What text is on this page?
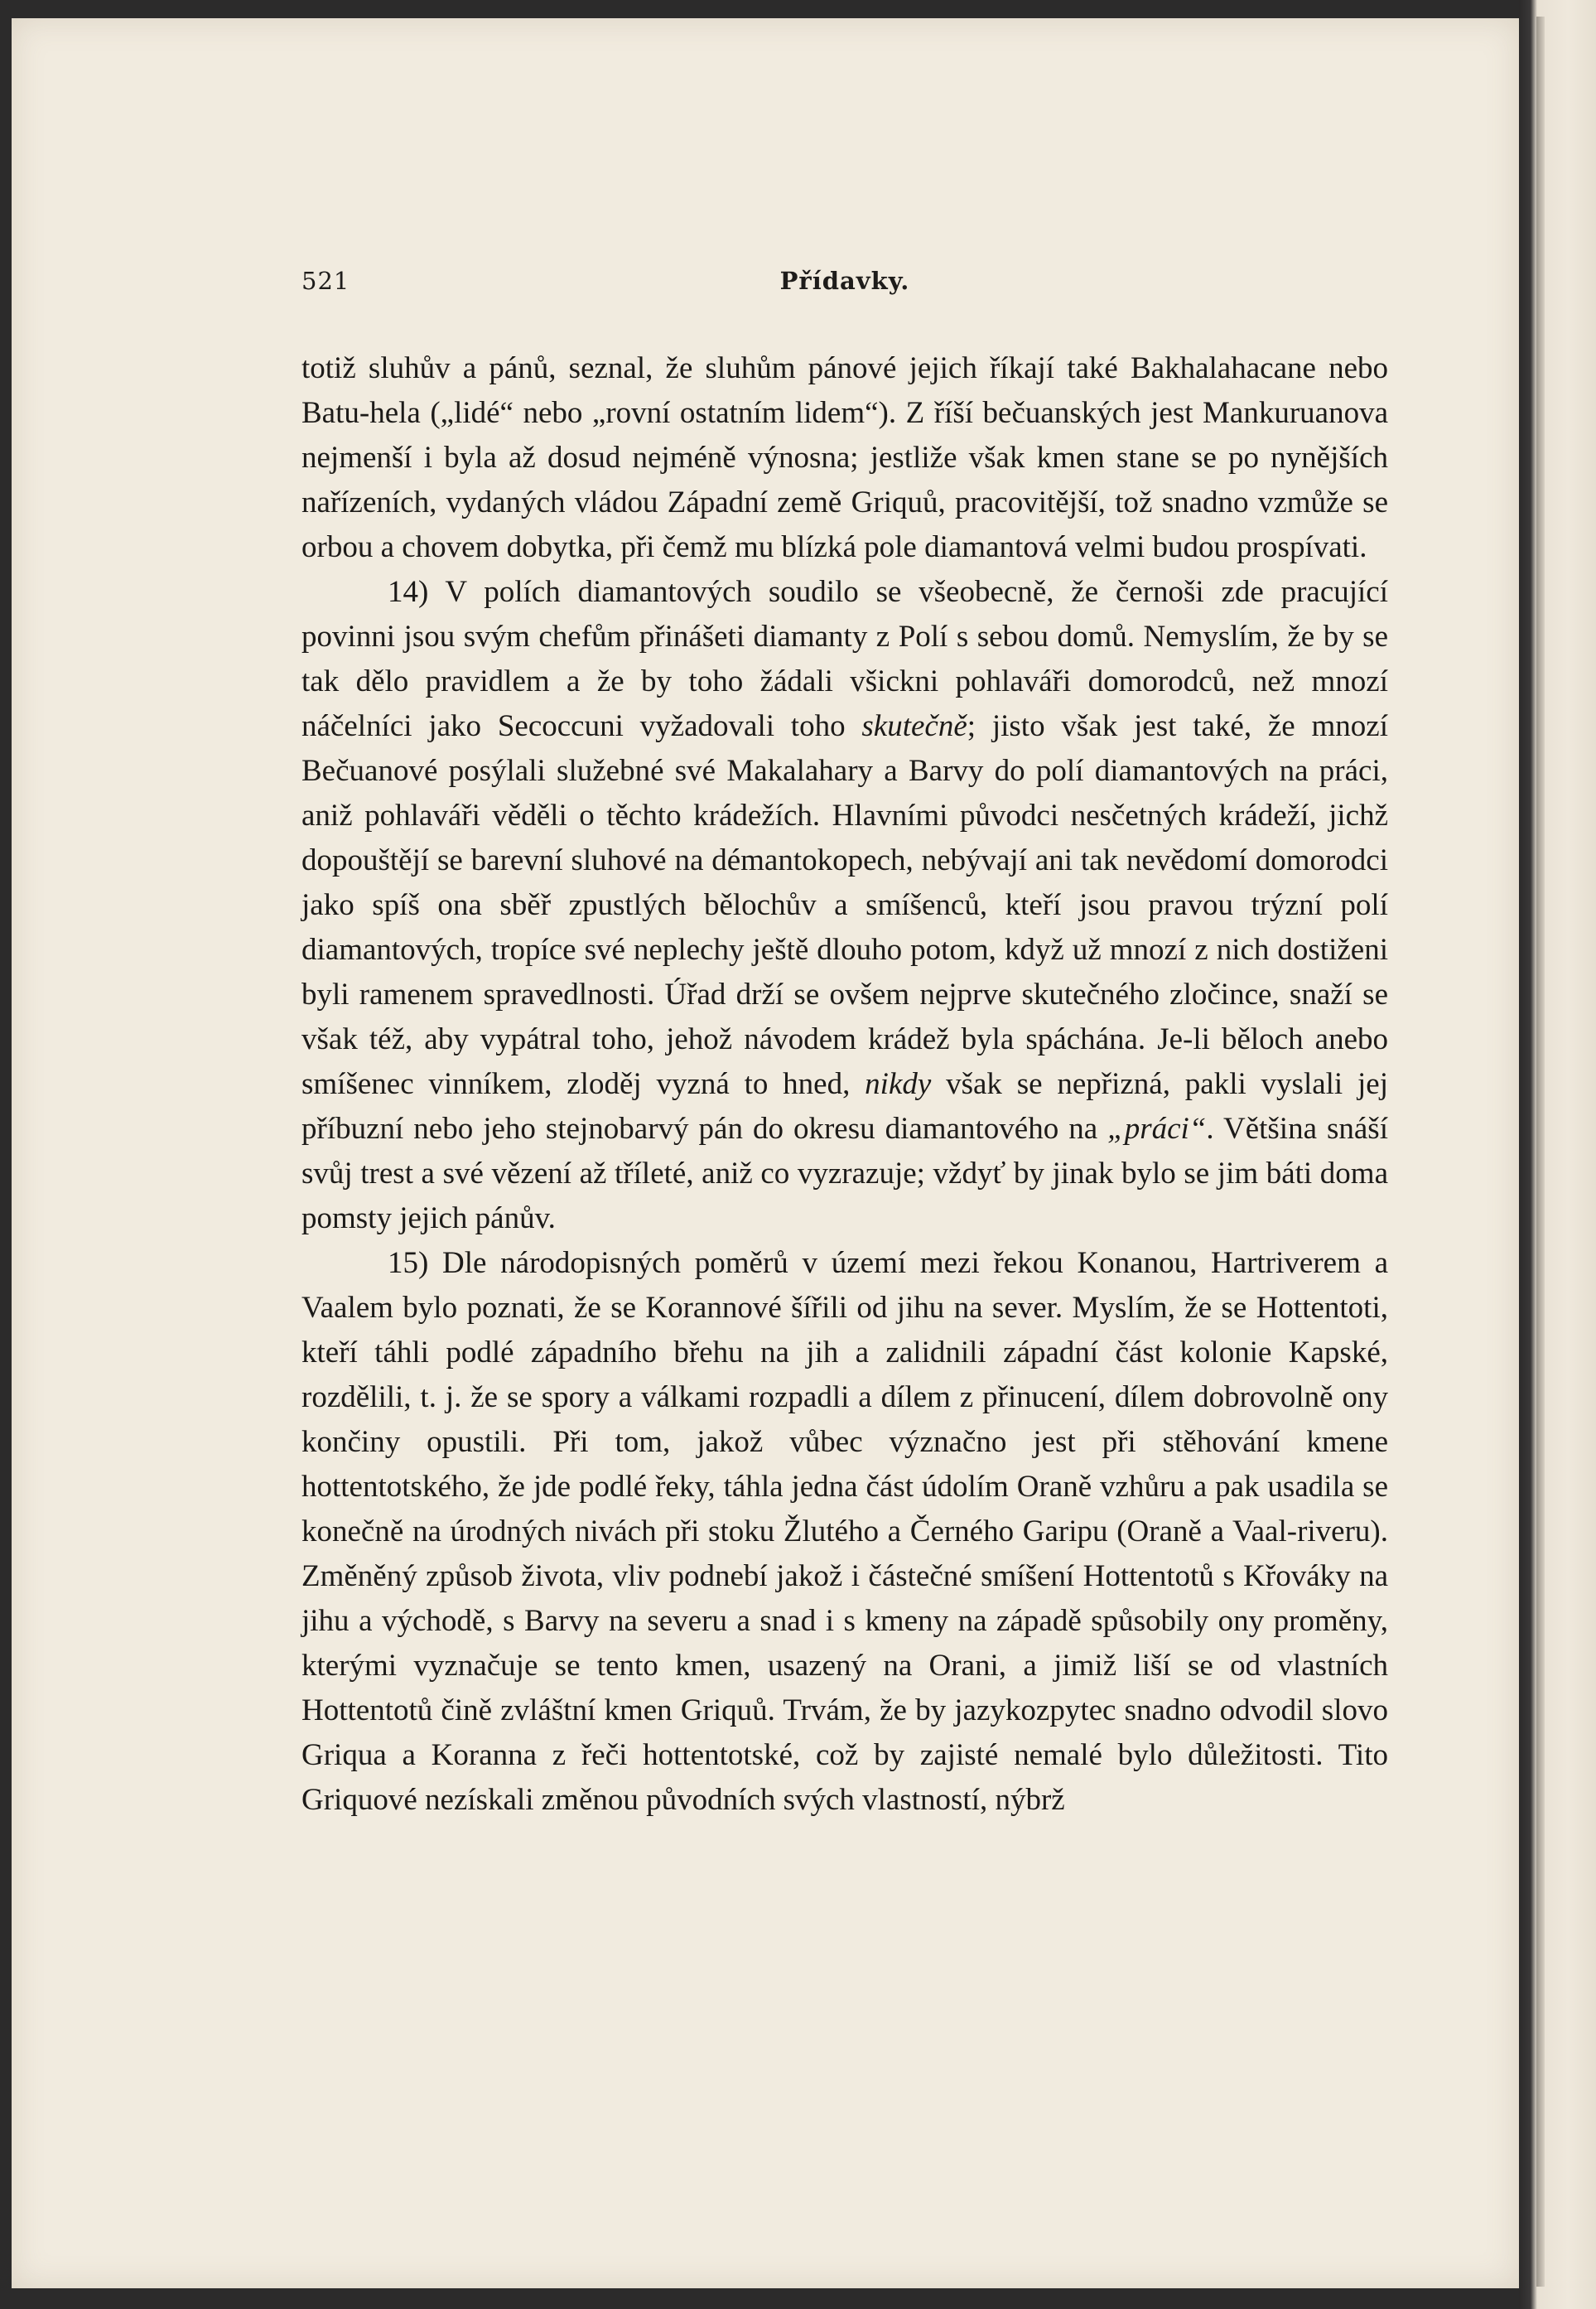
521	Přídavky.

totiž sluhův a pánů, seznal, že sluhům pánové jejich říkají také Bakhalahacane nebo Batu-hela („lidé“ nebo „rovní ostatním lidem“). Z říší bečuanských jest Mankuruanova nejmenší i byla až dosud nejméně výnosna; jestliže však kmen stane se po nynějších nařízeních, vydaných vládou Západní země Griquů, pracovitější, tož snadno vzmůže se orbou a chovem dobytka, při čemž mu blízká pole diamantová velmi budou prospívati.

14) V polích diamantových soudilo se všeobecně, že černoši zde pracující povinni jsou svým chefům přinášeti diamanty z Polí s sebou domů. Nemyslím, že by se tak dělo pravidlem a že by toho žádali všickni pohlaváři domorodců, než mnozí náčelníci jako Secoccuni vyžadovali toho skutečně; jisto však jest také, že mnozí Bečuanové posýlali služebné své Makalahary a Barvy do polí diamantových na práci, aniž pohlaváři věděli o těchto krádežích. Hlavními původci nesčetných krádeží, jichž dopouštějí se barevní sluhové na démantokopech, nebývají ani tak nevědomí domorodci jako spíš ona sběř zpustlých bělochův a smíšenců, kteří jsou pravou trýzní polí diamantových, tropíce své neplechy ještě dlouho potom, když už mnozí z nich dostiženi byli ramenem spravedlnosti. Úřad drží se ovšem nejprve skutečného zločince, snaží se však též, aby vypátral toho, jehož návodem krádež byla spáchána. Je-li běloch anebo smíšenec vinníkem, zloděj vyzná to hned, nikdy však se nepřizná, pakli vyslali jej příbuzní nebo jeho stejnobarvý pán do okresu diamantového na „práci“. Většina snáší svůj trest a své vězení až tříleté, aniž co vyzrazuje; vždyť by jinak bylo se jim báti doma pomsty jejich pánův.

15) Dle národopisných poměrů v území mezi řekou Konanou, Hartriverem a Vaalem bylo poznati, že se Korannové šířili od jihu na sever. Myslím, že se Hottentoti, kteří táhli podlé západního břehu na jih a zalidnili západní část kolonie Kapské, rozdělili, t. j. že se spory a válkami rozpadli a dílem z přinucení, dílem dobrovolně ony končiny opustili. Při tom, jakož vůbec význačno jest při stěhování kmene hottentotského, že jde podlé řeky, táhla jedna část údolím Oraně vzhůru a pak usadila se konečně na úrodných nivách při stoku Žlutého a Černého Garipu (Oraně a Vaal-riveru). Změněný způsob života, vliv podnebí jakož i částečné smíšení Hottentotů s Křováky na jihu a východě, s Barvy na severu a snad i s kmeny na západě spůsobily ony proměny, kterými vyznačuje se tento kmen, usazený na Orani, a jimiž liší se od vlastních Hottentotů čině zvláštní kmen Griquů. Trvám, že by jazykozpytec snadno odvodil slovo Griqua a Koranna z řeči hottentotské, což by zajisté nemalé bylo důležitosti. Tito Griquové nezískali změnou původních svých vlastností, nýbrž
